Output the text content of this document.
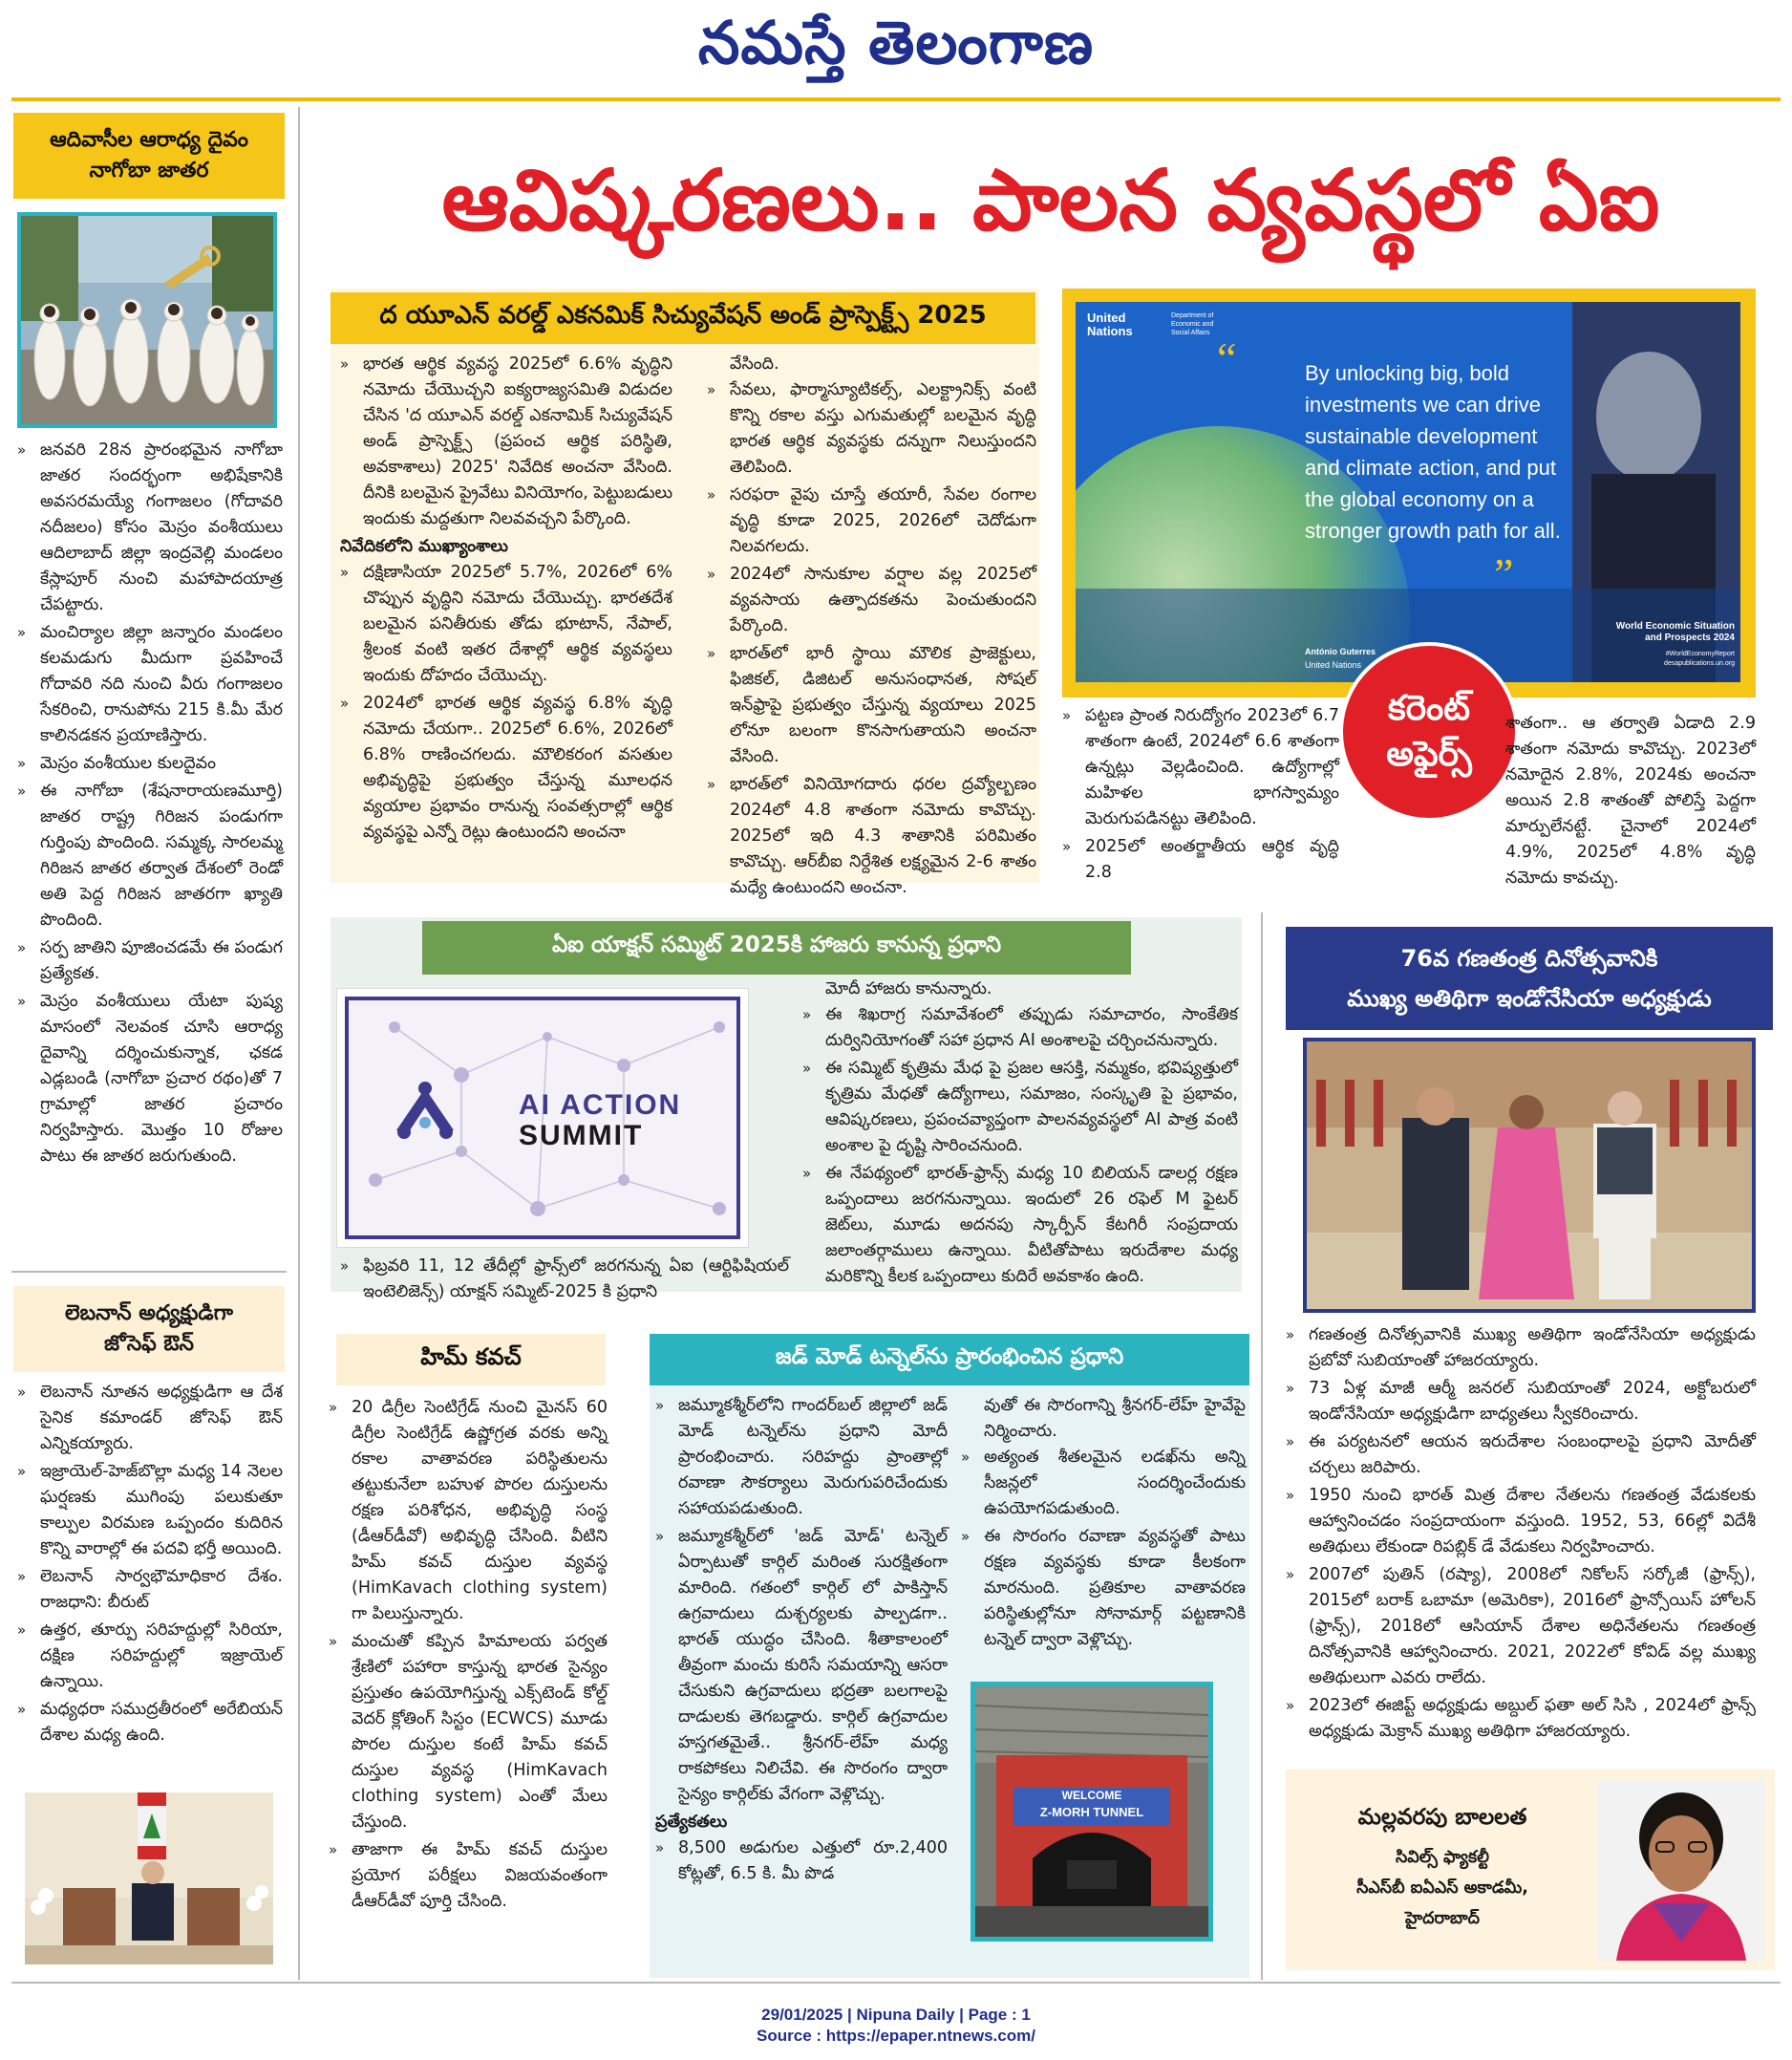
నమస్తే తెలంగాణ
ఆవిష్కరణలు.. పాలన వ్యవస్థలో ఏఐ
ఆదివాసీల ఆరాధ్య దైవం
నాగోబా జాతర
» జనవరి 28న ప్రారంభమైన నాగోబా జాతర సందర్భంగా అభిషేకానికి అవసరమయ్యే గంగాజలం (గోదావరి నదీజలం) కోసం మెస్రం వంశీయులు ఆదిలాబాద్‌ జిల్లా ఇంద్రవెల్లి మండలం కేస్లాపూర్‌ నుంచి మహాపాదయాత్ర చేపట్టారు.
» మంచిర్యాల జిల్లా జన్నారం మండలం కలమడుగు మీదుగా ప్రవహించే గోదావరి నది నుంచి వీరు గంగాజలం సేకరించి, రానుపోను 215 కి.మీ మేర కాలినడకన ప్రయాణిస్తారు.
» మెస్రం వంశీయుల కులదైవం
» ఈ నాగోబా (శేషనారాయణమూర్తి) జాతర రాష్ట్ర గిరిజన పండుగగా గుర్తింపు పొందింది. సమ్మక్క సారలమ్మ గిరిజన జాతర తర్వాత దేశంలో రెండో అతి పెద్ద గిరిజన జాతరగా ఖ్యాతి పొందింది.
» సర్ప జాతిని పూజించడమే ఈ పండుగ ప్రత్యేకత.
» మెస్రం వంశీయులు యేటా పుష్య మాసంలో నెలవంక చూసి ఆరాధ్య దైవాన్ని దర్శించుకున్నాక, ఛకడ ఎడ్లబండి (నాగోబా ప్రచార రథం)తో 7 గ్రామాల్లో జాతర ప్రచారం నిర్వహిస్తారు. మొత్తం 10 రోజుల పాటు ఈ జాతర జరుగుతుంది.
లెబనాన్‌ అధ్యక్షుడిగా
జోసెఫ్‌ ఔన్‌
» లెబనాన్‌ నూతన అధ్యక్షుడిగా ఆ దేశ సైనిక కమాండర్‌ జోసెఫ్‌ ఔన్‌ ఎన్నికయ్యారు.
» ఇజ్రాయెల్‌-హెజ్‌బొల్లా మధ్య 14 నెలల ఘర్షణకు ముగింపు పలుకుతూ కాల్పుల విరమణ ఒప్పందం కుదిరిన కొన్ని వారాల్లో ఈ పదవి భర్తీ అయింది.
» లెబనాన్‌ సార్వభౌమాధికార దేశం. రాజధాని: బీరుట్‌
» ఉత్తర, తూర్పు సరిహద్దుల్లో సిరియా, దక్షిణ సరిహద్దుల్లో ఇజ్రాయెల్‌ ఉన్నాయి.
» మధ్యధరా సముద్రతీరంలో అరేబియన్‌ దేశాల మధ్య ఉంది.
ద యూఎన్‌ వరల్డ్‌ ఎకనమిక్‌ సిచ్యువేషన్‌ అండ్‌ ప్రాస్పెక్ట్స్‌ 2025
» భారత ఆర్థిక వ్యవస్థ 2025లో 6.6% వృద్ధిని నమోదు చేయొచ్చని ఐక్యరాజ్యసమితి విడుదల చేసిన 'ద యూఎన్‌ వరల్డ్‌ ఎకనామిక్‌ సిచ్యువేషన్‌ అండ్‌ ప్రాస్పెక్ట్స్‌ (ప్రపంచ ఆర్థిక పరిస్థితి, అవకాశాలు) 2025' నివేదిక అంచనా వేసింది. దీనికి బలమైన ప్రైవేటు వినియోగం, పెట్టుబడులు ఇందుకు మద్దతుగా నిలవవచ్చని పేర్కొంది.
నివేదికలోని ముఖ్యాంశాలు
» దక్షిణాసియా 2025లో 5.7%, 2026లో 6% చొప్పున వృద్ధిని నమోదు చేయొచ్చు. భారతదేశ బలమైన పనితీరుకు తోడు భూటాన్‌, నేపాల్‌, శ్రీలంక వంటి ఇతర దేశాల్లో ఆర్థిక వ్యవస్థలు ఇందుకు దోహదం చేయొచ్చు.
» 2024లో భారత ఆర్థిక వ్యవస్థ 6.8% వృద్ధి నమోదు చేయగా.. 2025లో 6.6%, 2026లో 6.8% రాణించగలదు. మౌలికరంగ వసతుల అభివృద్ధిపై ప్రభుత్వం చేస్తున్న మూలధన వ్యయాల ప్రభావం రానున్న సంవత్సరాల్లో ఆర్థిక వ్యవస్థపై ఎన్నో రెట్లు ఉంటుందని అంచనా
వేసింది.
» సేవలు, ఫార్మాస్యూటికల్స్‌, ఎలక్ట్రానిక్స్‌ వంటి కొన్ని రకాల వస్తు ఎగుమతుల్లో బలమైన వృద్ధి భారత ఆర్థిక వ్యవస్థకు దన్నుగా నిలుస్తుందని తెలిపింది.
» సరఫరా వైపు చూస్తే తయారీ, సేవల రంగాల వృద్ధి కూడా 2025, 2026లో చెదోడుగా నిలవగలదు.
» 2024లో సానుకూల వర్షాల వల్ల 2025లో వ్యవసాయ ఉత్పాదకతను పెంచుతుందని పేర్కొంది.
» భారత్‌లో భారీ స్థాయి మౌలిక ప్రాజెక్టులు, ఫిజికల్‌, డిజిటల్‌ అనుసంధానత, సోషల్‌ ఇన్‌ఫ్రాపై ప్రభుత్వం చేస్తున్న వ్యయాలు 2025 లోనూ బలంగా కొనసాగుతాయని అంచనా వేసింది.
» భారత్‌లో వినియోగదారు ధరల ద్రవ్యోల్బణం 2024లో 4.8 శాతంగా నమోదు కావొచ్చు. 2025లో ఇది 4.3 శాతానికి పరిమితం కావొచ్చు. ఆర్‌బీఐ నిర్దేశిత లక్ష్యమైన 2-6 శాతం మధ్యే ఉంటుందని అంచనా.
United Nations
Department of Economic and Social Affairs
“	By unlocking big, bold investments we can drive sustainable development and climate action, and put the global economy on a stronger growth path for all.
”
António Guterres
United Nations
World Economic Situation and Prospects 2024
#WorldEconomyReport
desapublications.un.org
కరెంట్‌
అఫైర్స్‌
» పట్టణ ప్రాంత నిరుద్యోగం 2023లో 6.7 శాతంగా ఉంటే, 2024లో 6.6 శాతంగా ఉన్నట్లు వెల్లడించింది. ఉద్యోగాల్లో మహిళల భాగస్వామ్యం మెరుగుపడినట్టు తెలిపింది.
» 2025లో అంతర్జాతీయ ఆర్థిక వృద్ధి 2.8
శాతంగా.. ఆ తర్వాతి ఏడాది 2.9 శాతంగా నమోదు కావొచ్చు. 2023లో నమోదైన 2.8%, 2024కు అంచనా అయిన 2.8 శాతంతో పోలిస్తే పెద్దగా మార్పులేనట్టే. చైనాలో 2024లో 4.9%, 2025లో 4.8% వృద్ధి నమోదు కావచ్చు.
ఏఐ యాక్షన్‌ సమ్మిట్‌ 2025కి హాజరు కానున్న ప్రధాని
AI ACTION
SUMMIT
» ఫిబ్రవరి 11, 12 తేదీల్లో ఫ్రాన్స్‌లో జరగనున్న ఏఐ (ఆర్టిఫిషియల్‌ ఇంటెలిజెన్స్‌) యాక్షన్‌ సమ్మిట్‌-2025 కి ప్రధాని
మోదీ హాజరు కానున్నారు.
» ఈ శిఖరాగ్ర సమావేశంలో తప్పుడు సమాచారం, సాంకేతిక దుర్వినియోగంతో సహా ప్రధాన AI అంశాలపై చర్చించనున్నారు.
» ఈ సమ్మిట్‌ కృత్రిమ మేధ పై ప్రజల ఆసక్తి, నమ్మకం, భవిష్యత్తులో కృత్రిమ మేధతో ఉద్యోగాలు, సమాజం, సంస్కృతి పై ప్రభావం, ఆవిష్కరణలు, ప్రపంచవ్యాప్తంగా పాలనవ్యవస్థలో AI పాత్ర వంటి అంశాల పై దృష్టి సారించనుంది.
» ఈ నేపథ్యంలో భారత్‌-ఫ్రాన్స్‌ మధ్య 10 బిలియన్‌ డాలర్ల రక్షణ ఒప్పందాలు జరగనున్నాయి. ఇందులో 26 రఫెల్‌ M ఫైటర్‌ జెట్‌లు, మూడు అదనపు స్కార్పీన్‌ కేటగిరీ సంప్రదాయ జలాంతర్గాములు ఉన్నాయి. వీటితోపాటు ఇరుదేశాల మధ్య మరికొన్ని కీలక ఒప్పందాలు కుదిరే అవకాశం ఉంది.
76వ గణతంత్ర దినోత్సవానికి
ముఖ్య అతిథిగా ఇండోనేసియా అధ్యక్షుడు
» గణతంత్ర దినోత్సవానికి ముఖ్య అతిథిగా ఇండోనేసియా అధ్యక్షుడు ప్రబోవో సుబియాంతో హాజరయ్యారు.
» 73 ఏళ్ల మాజీ ఆర్మీ జనరల్‌ సుబియాంతో 2024, అక్టోబరులో ఇండోనేసియా అధ్యక్షుడిగా బాధ్యతలు స్వీకరించారు.
» ఈ పర్యటనలో ఆయన ఇరుదేశాల సంబంధాలపై ప్రధాని మోదీతో చర్చలు జరిపారు.
» 1950 నుంచి భారత్‌ మిత్ర దేశాల నేతలను గణతంత్ర వేడుకలకు ఆహ్వానించడం సంప్రదాయంగా వస్తుంది. 1952, 53, 66ల్లో విదేశీ అతిథులు లేకుండా రిపబ్లిక్‌ డే వేడుకలు నిర్వహించారు.
» 2007లో పుతిన్‌ (రష్యా), 2008లో నికోలస్‌ సర్కోజీ (ఫ్రాన్స్‌), 2015లో బరాక్‌ ఒబామా (అమెరికా), 2016లో ఫ్రాన్సోయిస్‌ హోలన్‌ (ఫ్రాన్స్‌), 2018లో ఆసియాన్‌ దేశాల అధినేతలను గణతంత్ర దినోత్సవానికి ఆహ్వానించారు. 2021, 2022లో కోవిడ్‌ వల్ల ముఖ్య అతిథులుగా ఎవరు రాలేదు.
» 2023లో ఈజిప్ట్‌ అధ్యక్షుడు అబ్దుల్‌ ఫతా అల్‌ సిసి , 2024లో ఫ్రాన్స్‌ అధ్యక్షుడు మెక్రాన్‌ ముఖ్య అతిథిగా హాజరయ్యారు.
హిమ్‌ కవచ్‌
» 20 డిగ్రీల సెంటిగ్రేడ్‌ నుంచి మైనస్‌ 60 డిగ్రీల సెంటిగ్రేడ్‌ ఉష్ణోగ్రత వరకు అన్ని రకాల వాతావరణ పరిస్థితులను తట్టుకునేలా బహుళ పొరల దుస్తులను రక్షణ పరిశోధన, అభివృద్ధి సంస్థ (డీఆర్‌డీవో) అభివృద్ధి చేసింది. వీటిని హిమ్‌ కవచ్‌ దుస్తుల వ్యవస్థ (HimKavach clothing system) గా పిలుస్తున్నారు.
» మంచుతో కప్పిన హిమాలయ పర్వత శ్రేణిలో పహారా కాస్తున్న భారత సైన్యం ప్రస్తుతం ఉపయోగిస్తున్న ఎక్స్‌టెండ్‌ కోల్డ్‌ వెదర్‌ క్లోతింగ్‌ సిస్టం (ECWCS) మూడు పొరల దుస్తుల కంటే హిమ్‌ కవచ్‌ దుస్తుల వ్యవస్థ (HimKavach clothing system) ఎంతో మేలు చేస్తుంది.
» తాజాగా ఈ హిమ్‌ కవచ్‌ దుస్తుల ప్రయోగ పరీక్షలు విజయవంతంగా డీఆర్‌డీవో పూర్తి చేసింది.
జడ్‌ మోడ్‌ టన్నెల్‌ను ప్రారంభించిన ప్రధాని
» జమ్మూకశ్మీర్‌లోని గాందర్‌బల్‌ జిల్లాలో జడ్‌ మోడ్‌ టన్నెల్‌ను ప్రధాని మోదీ ప్రారంభించారు. సరిహద్దు ప్రాంతాల్లో రవాణా సౌకర్యాలు మెరుగుపరిచేందుకు సహాయపడుతుంది.
» జమ్మూకశ్మీర్‌లో 'జడ్‌ మోడ్‌' టన్నెల్‌ ఏర్పాటుతో కార్గిల్‌ మరింత సురక్షితంగా మారింది. గతంలో కార్గిల్‌ లో పాకిస్తాన్‌ ఉగ్రవాదులు దుశ్చర్యలకు పాల్పడగా.. భారత్‌ యుద్ధం చేసింది. శీతాకాలంలో తీవ్రంగా మంచు కురిసే సమయాన్ని ఆసరా చేసుకుని ఉగ్రవాదులు భద్రతా బలగాలపై దాడులకు తెగబడ్డారు. కార్గిల్‌ ఉగ్రవాదుల హస్తగతమైతే.. శ్రీనగర్‌-లేహ్‌ మధ్య రాకపోకలు నిలిచేవి. ఈ సొరంగం ద్వారా సైన్యం కార్గిల్‌కు వేగంగా వెళ్లొచ్చు.
ప్రత్యేకతలు
» 8,500 అడుగుల ఎత్తులో రూ.2,400 కోట్లతో, 6.5 కి. మీ పొడ
వుతో ఈ సొరంగాన్ని శ్రీనగర్‌-లేహ్‌ హైవేపై నిర్మించారు.
» అత్యంత శీతలమైన లడఖ్‌ను అన్ని సీజన్లలో సందర్శించేందుకు ఉపయోగపడుతుంది.
» ఈ సొరంగం రవాణా వ్యవస్థతో పాటు రక్షణ వ్యవస్థకు కూడా కీలకంగా మారనుంది. ప్రతికూల వాతావరణ పరిస్థితుల్లోనూ సోనామార్గ్‌ పట్టణానికి టన్నెల్‌ ద్వారా వెళ్లొచ్చు.
WELCOME
Z-MORH TUNNEL	మల్లవరపు బాలలత
సివిల్స్‌ ఫ్యాకల్టీ
సీఎస్‌బీ ఐఏఎస్‌ అకాడమీ,
హైదరాబాద్‌
29/01/2025 | Nipuna Daily | Page : 1
Source : https://epaper.ntnews.com/
